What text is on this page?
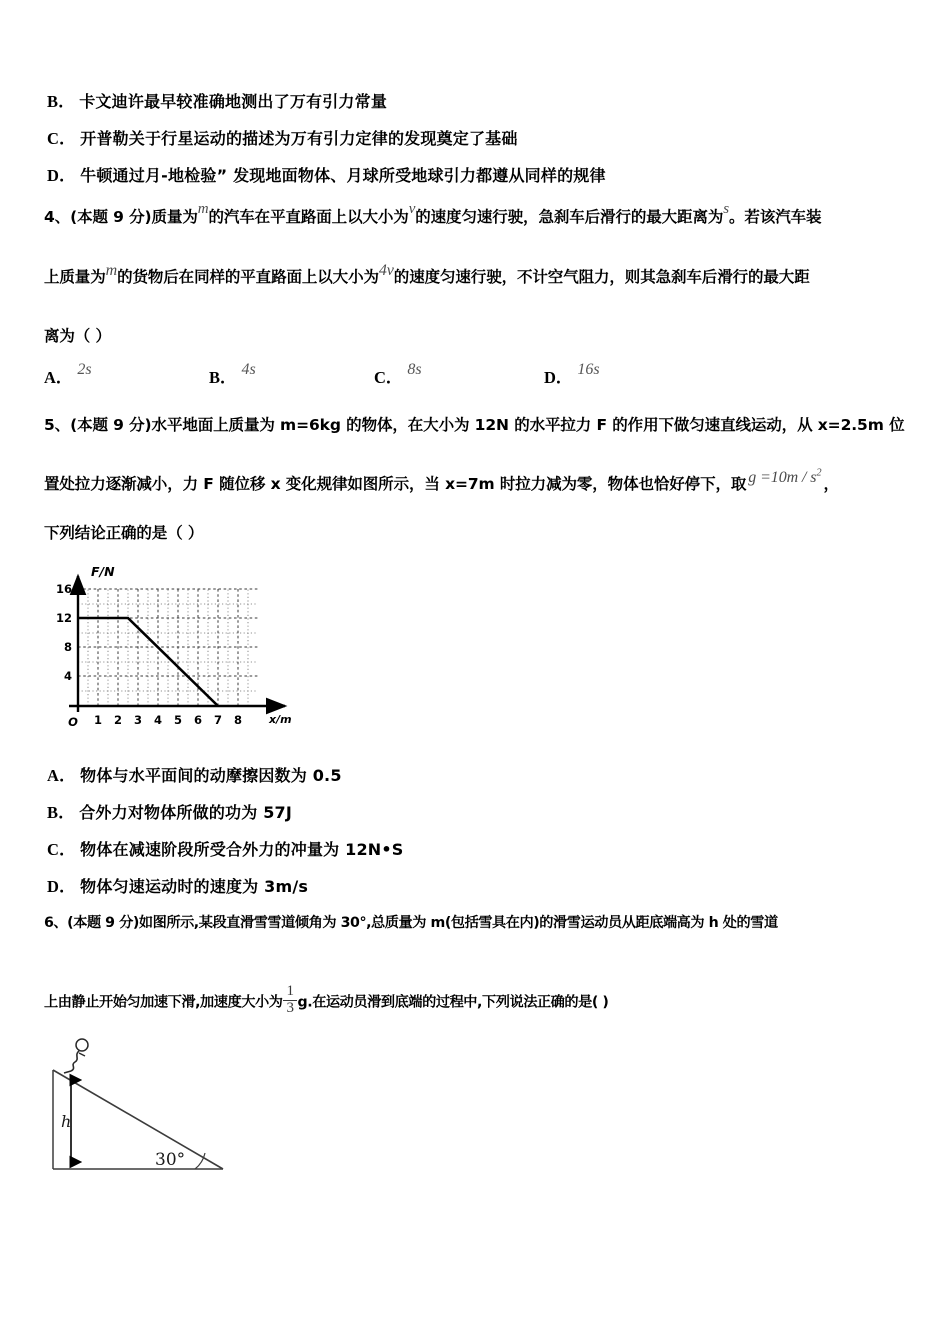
B． 卡文迪许最早较准确地测出了万有引力常量
C． 开普勒关于行星运动的描述为万有引力定律的发现奠定了基础
D． 牛顿通过月-地检验” 发现地面物体、月球所受地球引力都遵从同样的规律
4、(本题 9 分)质量为m的汽车在平直路面上以大小为v的速度匀速行驶，急刹车后滑行的最大距离为s。若该汽车装
上质量为m的货物后在同样的平直路面上以大小为4v的速度匀速行驶，不计空气阻力，则其急刹车后滑行的最大距
离为（ ）
A． 2s	B． 4s	C． 8s	D． 16s
5、(本题 9 分)水平地面上质量为 m=6kg 的物体，在大小为 12N 的水平拉力 F 的作用下做匀速直线运动，从 x=2.5m 位
置处拉力逐渐减小，力 F 随位移 x 变化规律如图所示，当 x=7m 时拉力减为零，物体也恰好停下，取 $g =10m / s^2$，
下列结论正确的是（ ）
F/N
x/m
16
12
8
4
O 1 2 3 4 5 6 7 8
A． 物体与水平面间的动摩擦因数为 0.5
B． 合外力对物体所做的功为 57J
C． 物体在减速阶段所受合外力的冲量为 12N•S
D． 物体匀速运动时的速度为 3m/s
6、(本题 9 分)如图所示,某段直滑雪雪道倾角为 30°,总质量为 m(包括雪具在内)的滑雪运动员从距底端高为 h 处的雪道
上由静止开始匀加速下滑,加速度大小为 $\frac{1}{3} g$.在运动员滑到底端的过程中,下列说法正确的是( )
30°
h
